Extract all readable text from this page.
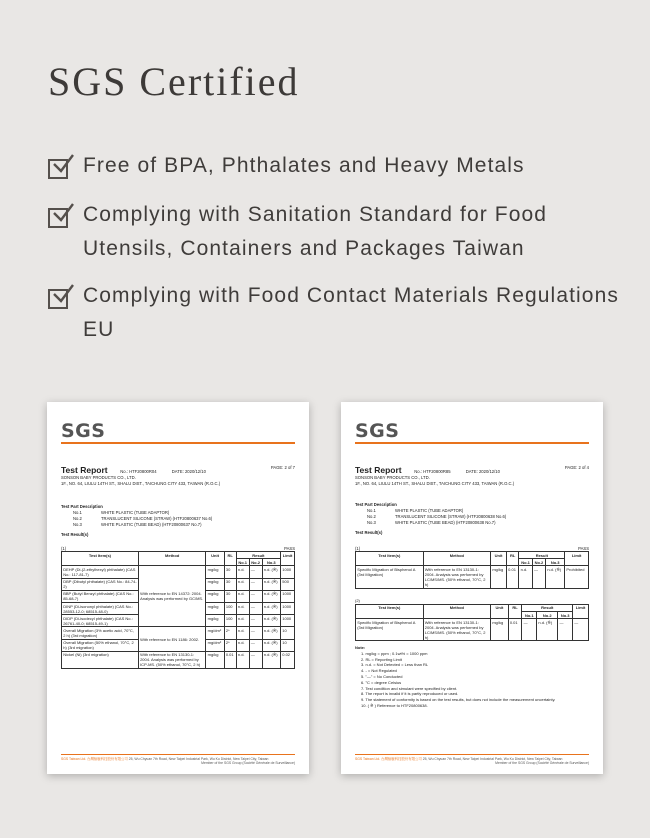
SGS Certified
Free of BPA, Phthalates and Heavy Metals
Complying with Sanitation Standard for Food Utensils, Containers and Packages Taiwan
Complying with Food Contact Materials Regulations EU
SGS
Test Report	No.: HTF20800R04	DATE: 2020/12/10
PAGE: 2 of 7
SONSON BABY PRODUCTS CO., LTD.
1F., NO. 64, LIULU 14TH ST., SHALU DIST., TAICHUNG CITY 433, TAIWAN (R.O.C.)
Test Part Description
No.1	WHITE PLASTIC (TUBE ADAPTOR)
No.2	TRANSLUCENT SILICONE (STRAW) (HTF20800637 No.6)
No.3	WHITE PLASTIC (TUBE BEAD) (HTF20800637 No.7)
Test Result(s)
(1)	PASS
Test Item(s)	Method	Unit	RL	Result			Limit
				No.1	No.2	No.3	
DEHP (Di-(2-ethylhexyl) phthalate) (CAS No.: 117-81-7)	With reference to EN 14372: 2004. Analysis was performed by GC/MS.	mg/kg	30	n.d.	—	n.d. (※)	1000
DBP (Dibutyl phthalate) (CAS No.: 84-74-2)		mg/kg	30	n.d.	—	n.d. (※)	500
BBP (Butyl Benzyl phthalate) (CAS No.: 85-68-7)		mg/kg	30	n.d.	—	n.d. (※)	1000
DINP (Di-isononyl phthalate) (CAS No.: 28553-12-0; 68515-48-0)		mg/kg	100	n.d.	—	n.d. (※)	1000
DIDP (Di-isodecyl phthalate) (CAS No.: 26761-40-0; 68515-49-1)		mg/kg	100	n.d.	—	n.d. (※)	1000
Overall Migration (3% acetic acid, 70°C, 2 h) (3rd migration)	With reference to EN 1186: 2002.	mg/dm²	2*	n.d.	—	n.d. (※)	10
Overall Migration (50% ethanol, 70°C, 2 h) (3rd migration)		mg/dm²	2*	n.d.	—	n.d. (※)	10
Nickel (Ni) (3rd migration)	With reference to EN 13130-1: 2004. Analysis was performed by ICP-MS. (50% ethanol, 70°C, 2 h)	mg/kg	0.01	n.d.	—	n.d. (※)	0.02
SGS Taiwan Ltd. 台灣檢驗科技股份有限公司 25, Wu Chyuan 7th Road, New Taipei Industrial Park, Wu Ku District, New Taipei City, Taiwan
Member of the SGS Group (Société Générale de Surveillance)
SGS
Test Report	No.: HTF20800R85	DATE: 2020/12/10
PAGE: 2 of 4
SONSON BABY PRODUCTS CO., LTD.
1F., NO. 64, LIULU 14TH ST., SHALU DIST., TAICHUNG CITY 433, TAIWAN (R.O.C.)
Test Part Description
No.1	WHITE PLASTIC (TUBE ADAPTOR)
No.2	TRANSLUCENT SILICONE (STRAW) (HTF20800638 No.6)
No.3	WHITE PLASTIC (TUBE BEAD) (HTF20800638 No.7)
Test Result(s)
(1)	PASS
Test Item(s)	Method	Unit	RL	Result			Limit
				No.1	No.2	No.3	
Specific Migration of Bisphenol A (3rd Migration)	With reference to EN 13130-1: 2004. Analysis was performed by LC/MS/MS. (50% ethanol, 70°C, 2 h)	mg/kg	0.01	n.d.	—	n.d. (※)	Prohibited
(2)
Test Item(s)	Method	Unit	RL	Result			Limit
				No.1	No.2	No.3	
Specific Migration of Bisphenol A (3rd Migration)	With reference to EN 13130-1: 2004. Analysis was performed by LC/MS/MS. (50% ethanol, 70°C, 2 h)	mg/kg	0.01	—	n.d. (※)	—	—
Note:
1. mg/kg = ppm ; 0.1wt% = 1000 ppm
2. RL = Reporting Limit
3. n.d. = Not Detected = Less than RL
4. - = Not Regulated
5. "—" = No Conducted
6. °C = degree Celsius
7. Test condition and simulant were specified by client.
8. The report is invalid if it is partly reproduced or used.
9. The statement of conformity is based on the test results, but does not include the measurement uncertainty.
10. ( ※ ) Reference to HTF20800638.
SGS Taiwan Ltd. 台灣檢驗科技股份有限公司 25, Wu Chyuan 7th Road, New Taipei Industrial Park, Wu Ku District, New Taipei City, Taiwan
Member of the SGS Group (Société Générale de Surveillance)
